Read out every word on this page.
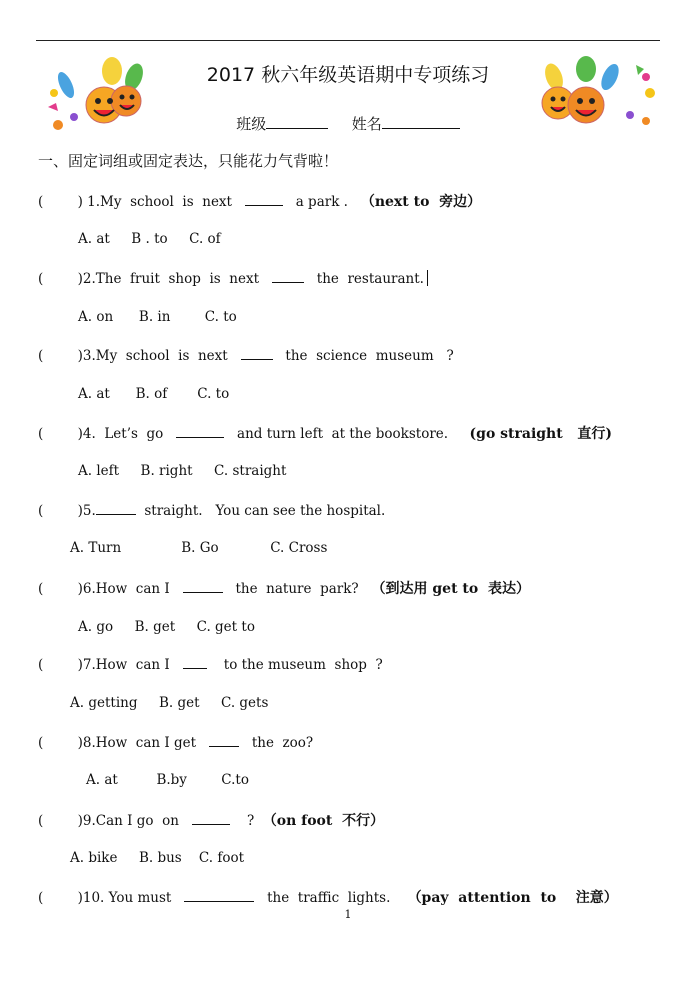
2017 秋六年级英语期中专项练习
班级	姓名
一、固定词组或固定表达，只能花力气背啦！
(        ) 1.My  school  is  next	a park . （next to  旁边）
A. at B . to C. of
(        )2.The  fruit  shop  is  next      the  restaurant.
A. on B. in	C. to
(        )3.My  school  is  next      the  science  museum   ?
A. at B. of C. to
(        )4.  Let’s  go	and turn left  at the bookstore. (go straight   直行)
A. left B. right C. straight
(        )5.	straight.   You can see the hospital.
A. Turn	B. Go	C. Cross
(        )6.How  can I	the  nature  park? （到达用 get to  表达）
A. go B. get C. get to
(        )7.How  can I       to the museum  shop  ?
A. getting B. get C. gets
(        )8.How  can I get      the  zoo?
A. at	B.by	C.to
(        )9.Can I go  on	? （on foot  不行）
A. bike B. bus C. foot
(        )10. You must	the  traffic  lights. （pay  attention  to    注意）
1
